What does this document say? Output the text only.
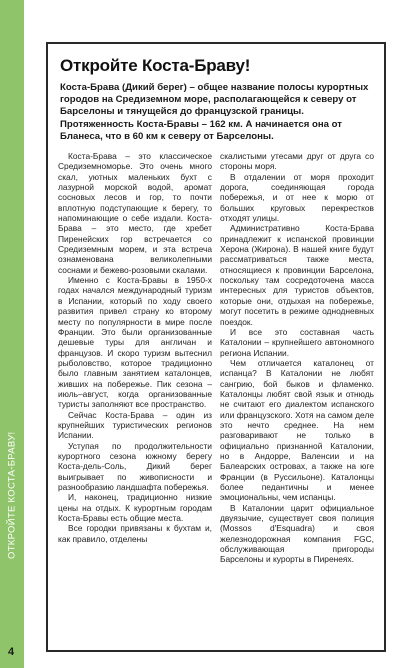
ОТКРОЙТЕ КОСТА-БРАВУ!
4
Откройте Коста-Браву!
Коста-Брава (Дикий берег) – общее название полосы курортных городов на Средиземном море, располагающейся к северу от Барселоны и тянущейся до французской границы. Протяженность Коста-Бравы – 162 км. А начинается она от Бланеса, что в 60 км к северу от Барселоны.

Коста-Брава – это классическое Средиземноморье. Это очень много скал, уютных маленьких бухт с лазурной морской водой, аромат сосновых лесов и гор, то почти вплотную подступающие к берегу, то напоминающие о себе издали. Коста-Брава – это место, где хребет Пиренейских гор встречается со Средиземным морем, и эта встреча ознаменована великолепными соснами и бежево-розовыми скалами.

Именно с Коста-Бравы в 1950-х годах начался международный туризм в Испании, который по ходу своего развития привел страну ко второму месту по популярности в мире после Франции. Это были организованные дешевые туры для англичан и французов. И скоро туризм вытеснил рыболовство, которое традиционно было главным занятием каталонцев, живших на побережье. Пик сезона – июль–август, когда организованные туристы заполняют все пространство.

Сейчас Коста-Брава – один из крупнейших туристических регионов Испании.

Уступая по продолжительности курортного сезона южному берегу Коста-дель-Соль, Дикий берег выигрывает по живописности и разнообразию ландшафта побережья.

И, наконец, традиционно низкие цены на отдых. К курортным городам Коста-Бравы есть общие места.

Все городки привязаны к бухтам и, как правило, отделены

скалистыми утесами друг от друга со стороны моря.

В отдалении от моря проходит дорога, соединяющая города побережья, и от нее к морю от больших круговых перекрестков отходят улицы.

Административно Коста-Брава принадлежит к испанской провинции Херона (Жирона). В нашей книге будут рассматриваться также места, относящиеся к провинции Барселона, поскольку там сосредоточена масса интересных для туристов объектов, которые они, отдыхая на побережье, могут посетить в режиме однодневных поездок.

И все это составная часть Каталонии – крупнейшего автономного региона Испании.

Чем отличается каталонец от испанца? В Каталонии не любят сангрию, бой быков и фламенко. Каталонцы любят свой язык и отнюдь не считают его диалектом испанского или французского. Хотя на самом деле это нечто среднее. На нем разговаривают не только в официально признанной Каталонии, но в Андорре, Валенсии и на Балеарских островах, а также на юге Франции (в Руссильоне). Каталонцы более педантичны и менее эмоциональны, чем испанцы.

В Каталонии царит официальное двуязычие, существует своя полиция (Mossos d'Esquadra) и своя железнодорожная компания FGC, обслуживающая пригороды Барселоны и курорты в Пиренеях.
